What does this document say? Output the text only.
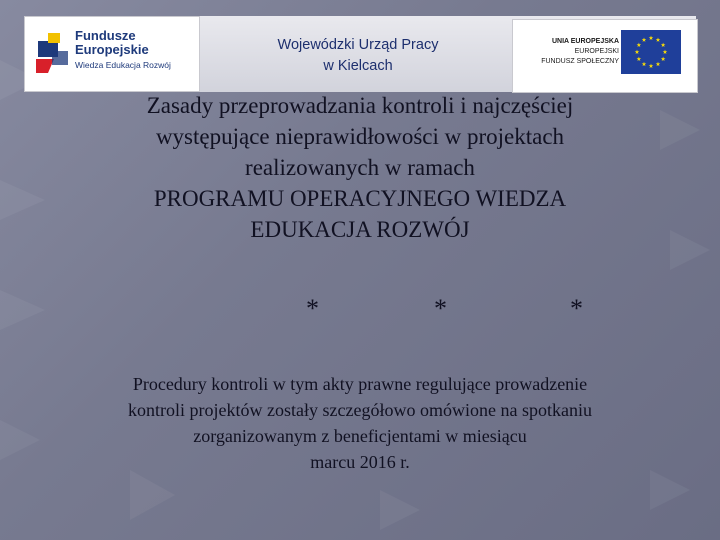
Fundusze
Europejskie
Wiedza Edukacja Rozwój
Wojewódzki Urząd Pracy
w Kielcach
UNIA EUROPEJSKA
EUROPEJSKI
FUNDUSZ SPOŁECZNY
Zasady przeprowadzania kontroli i najczęściej
występujące nieprawidłowości w projektach
realizowanych w ramach
PROGRAMU OPERACYJNEGO WIEDZA
EDUKACJA ROZWÓJ
*	*	*
Procedury kontroli w tym akty prawne regulujące prowadzenie
kontroli projektów zostały szczegółowo omówione na spotkaniu
zorganizowanym z beneficjentami w miesiącu
marcu 2016 r.
